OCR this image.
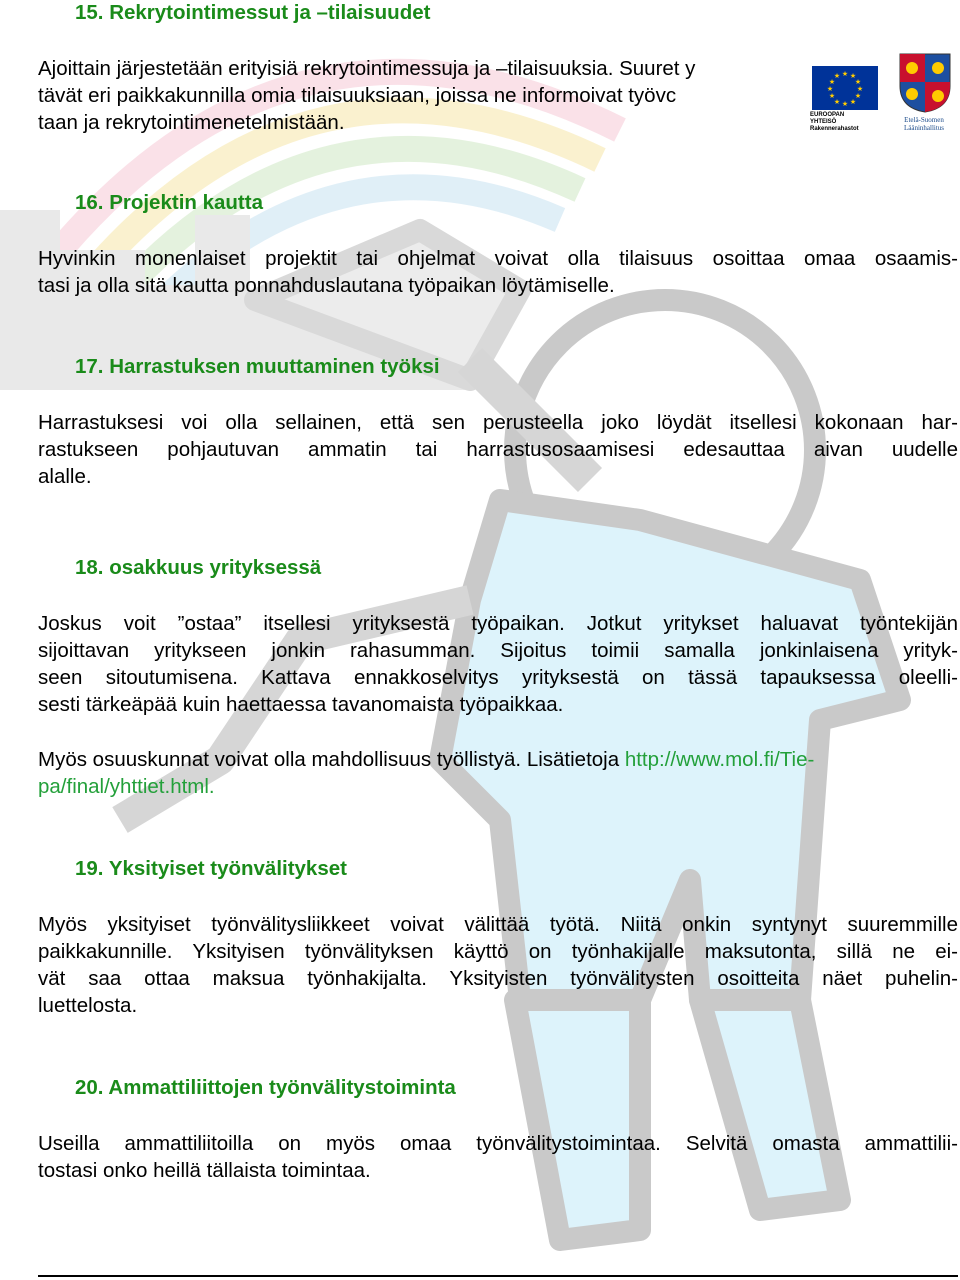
★ ★
★
★
★
★
★
★
★
★
★
★
EUROOPAN
YHTEISÖ
Rakennerahastot
Etelä-Suomen
Lääninhallitus
15. Rekrytointimessut ja –tilaisuudet
Ajoittain järjestetään erityisiä rekrytointimessuja ja –tilaisuuksia. Suuret y
tävät eri paikkakunnilla omia tilaisuuksiaan, joissa ne informoivat työvc
taan ja rekrytointimenetelmistään.
16. Projektin kautta
Hyvinkin monenlaiset projektit tai ohjelmat voivat olla tilaisuus osoittaa omaa osaamis-
tasi ja olla sitä kautta ponnahduslautana työpaikan löytämiselle.
17. Harrastuksen muuttaminen työksi
Harrastuksesi voi olla sellainen, että sen perusteella joko löydät itsellesi kokonaan har-
rastukseen pohjautuvan ammatin tai harrastusosaamisesi edesauttaa aivan uudelle
alalle.
18. osakkuus yrityksessä
Joskus voit ”ostaa” itsellesi yrityksestä työpaikan. Jotkut yritykset haluavat työntekijän
sijoittavan yritykseen jonkin rahasumman. Sijoitus toimii samalla jonkinlaisena yrityk-
seen sitoutumisena. Kattava ennakkoselvitys yrityksestä on tässä tapauksessa oleelli-
sesti tärkeäpää kuin haettaessa tavanomaista työpaikkaa.
Myös osuuskunnat voivat olla mahdollisuus työllistyä. Lisätietoja http://www.mol.fi/Tie-
pa/final/yhttiet.html.
19. Yksityiset työnvälitykset
Myös yksityiset työnvälitysliikkeet voivat välittää työtä. Niitä onkin syntynyt suuremmille
paikkakunnille. Yksityisen työnvälityksen käyttö on työnhakijalle maksutonta, sillä ne ei-
vät saa ottaa maksua työnhakijalta. Yksityisten työnvälitysten osoitteita näet puhelin-
luettelosta.
20. Ammattiliittojen työnvälitystoiminta
Useilla ammattiliitoilla on myös omaa työnvälitystoimintaa. Selvitä omasta ammattilii-
tostasi onko heillä tällaista toimintaa.
